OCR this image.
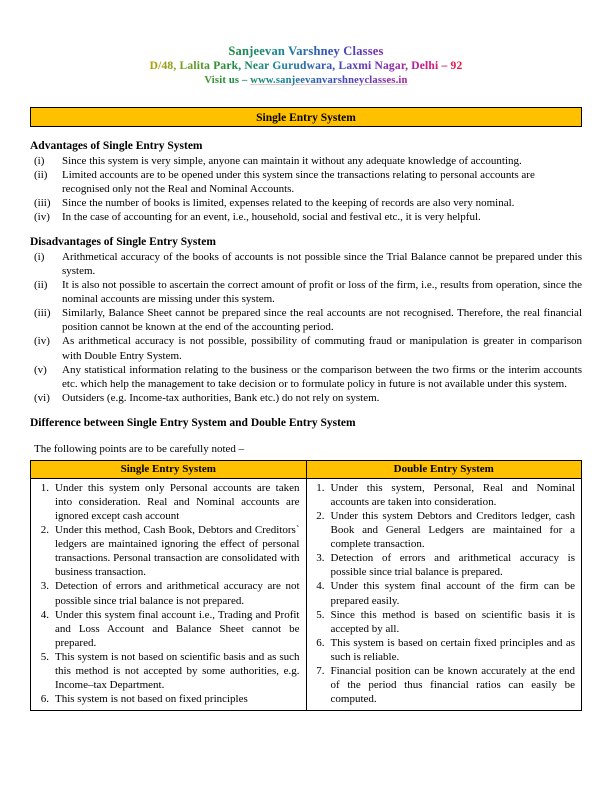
Sanjeevan Varshney Classes
D/48, Lalita Park, Near Gurudwara, Laxmi Nagar, Delhi – 92
Visit us – www.sanjeevanvarshneyclasses.in
Single Entry System
Advantages of Single Entry System
(i)	Since this system is very simple, anyone can maintain it without any adequate knowledge of accounting.
(ii)	Limited accounts are to be opened under this system since the transactions relating to personal accounts are recognised only not the Real and Nominal Accounts.
(iii)	Since the number of books is limited, expenses related to the keeping of records are also very nominal.
(iv)	In the case of accounting for an event, i.e., household, social and festival etc., it is very helpful.
Disadvantages of Single Entry System
(i)	Arithmetical accuracy of the books of accounts is not possible since the Trial Balance cannot be prepared under this system.
(ii)	It is also not possible to ascertain the correct amount of profit or loss of the firm, i.e., results from operation, since the nominal accounts are missing under this system.
(iii)	Similarly, Balance Sheet cannot be prepared since the real accounts are not recognised. Therefore, the real financial position cannot be known at the end of the accounting period.
(iv)	As arithmetical accuracy is not possible, possibility of commuting fraud or manipulation is greater in comparison with Double Entry System.
(v)	Any statistical information relating to the business or the comparison between the two firms or the interim accounts etc. which help the management to take decision or to formulate policy in future is not available under this system.
(vi)	Outsiders (e.g. Income-tax authorities, Bank etc.) do not rely on system.
Difference between Single Entry System and Double Entry System
The following points are to be carefully noted –
Single Entry System	Double Entry System

1. Under this system only Personal accounts are taken into consideration. Real and Nominal accounts are ignored except cash account
2. Under this method, Cash Book, Debtors and Creditors` ledgers are maintained ignoring the effect of personal transactions. Personal transaction are consolidated with business transaction.
3. Detection of errors and arithmetical accuracy are not possible since trial balance is not prepared.
4. Under this system final account i.e., Trading and Profit and Loss Account and Balance Sheet cannot be prepared.
5. This system is not based on scientific basis and as such this method is not accepted by some authorities, e.g. Income–tax Department.
6. This system is not based on fixed principles

1. Under this system, Personal, Real and Nominal accounts are taken into consideration.
2. Under this system Debtors and Creditors ledger, cash Book and General Ledgers are maintained for a complete transaction.
3. Detection of errors and arithmetical accuracy is possible since trial balance is prepared.
4. Under this system final account of the firm can be prepared easily.
5. Since this method is based on scientific basis it is accepted by all.
6. This system is based on certain fixed principles and as such is reliable.
7. Financial position can be known accurately at the end of the period thus financial ratios can easily be computed.
